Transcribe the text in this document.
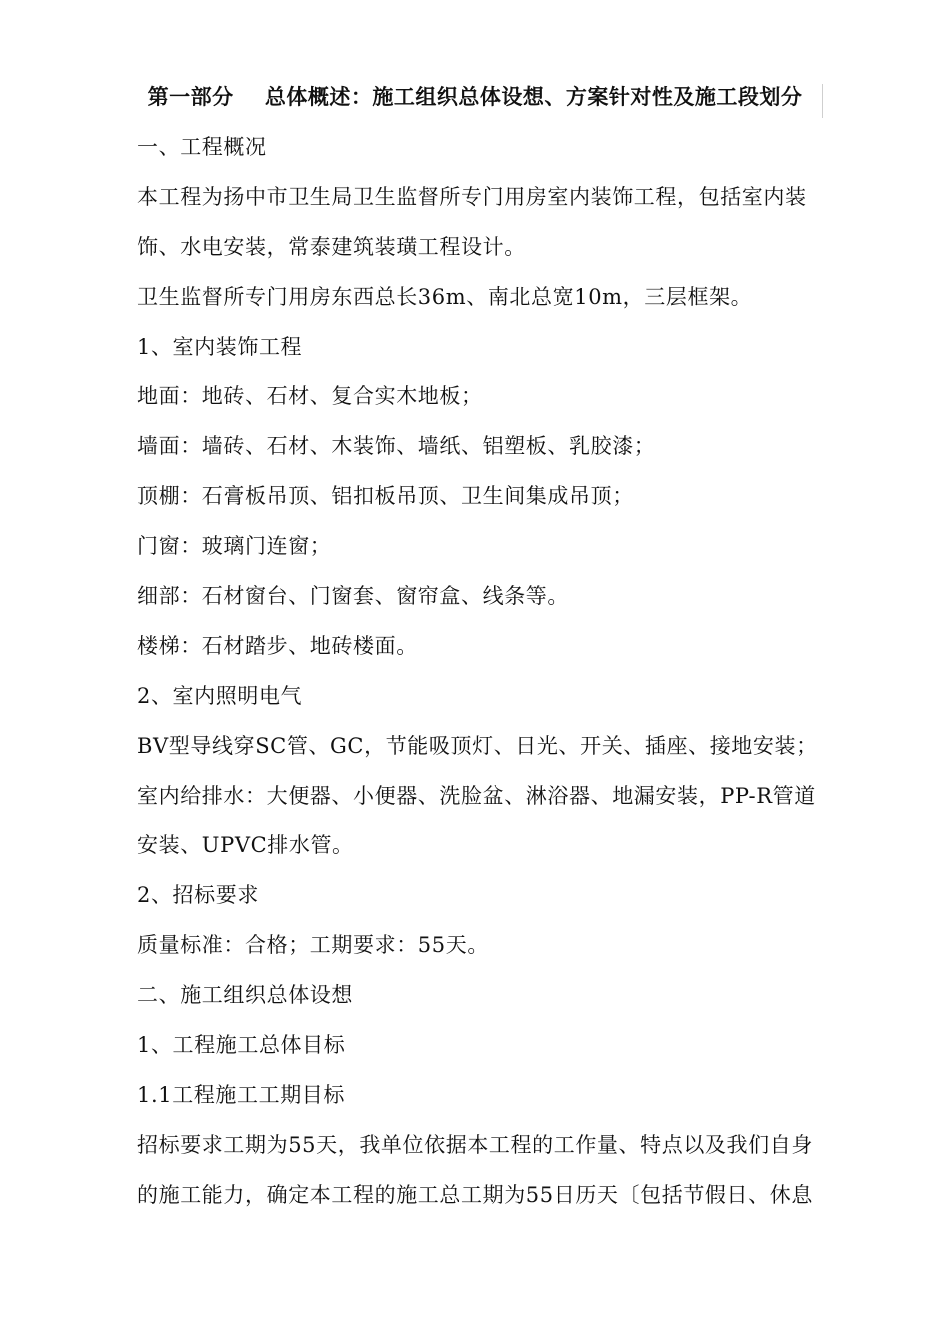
第一部分    总体概述：施工组织总体设想、方案针对性及施工段划分
一、工程概况
本工程为扬中市卫生局卫生监督所专门用房室内装饰工程，包括室内装
饰、水电安装，常泰建筑装璜工程设计。
卫生监督所专门用房东西总长36m、南北总宽10m，三层框架。
1、室内装饰工程
地面：地砖、石材、复合实木地板；
墙面：墙砖、石材、木装饰、墙纸、铝塑板、乳胶漆；
顶棚：石膏板吊顶、铝扣板吊顶、卫生间集成吊顶；
门窗：玻璃门连窗；
细部：石材窗台、门窗套、窗帘盒、线条等。
楼梯：石材踏步、地砖楼面。
2、室内照明电气
BV型导线穿SC管、GC，节能吸顶灯、日光、开关、插座、接地安装；
室内给排水：大便器、小便器、洗脸盆、淋浴器、地漏安装，PP-R管道
安装、UPVC排水管。
2、招标要求
质量标准：合格；工期要求：55天。
二、施工组织总体设想
1、工程施工总体目标
1.1工程施工工期目标
招标要求工期为55天，我单位依据本工程的工作量、特点以及我们自身
的施工能力，确定本工程的施工总工期为55日历天〔包括节假日、休息
